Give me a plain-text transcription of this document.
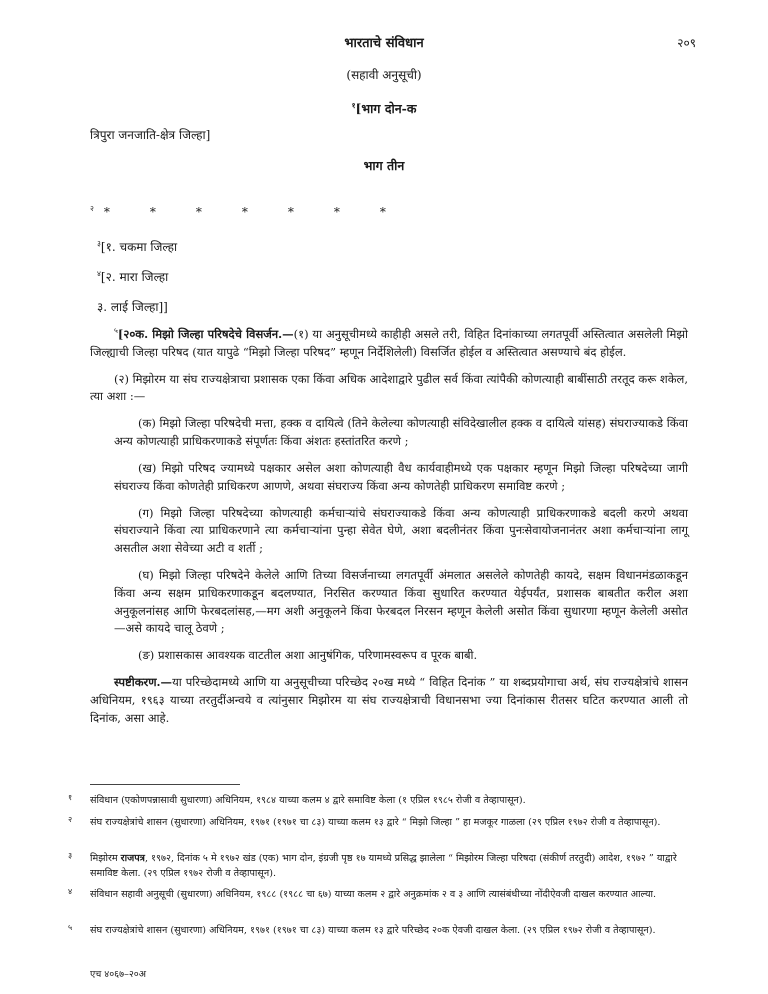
२०९
भारताचे संविधान
(सहावी अनुसूची)
$^१$[भाग दोन-क
त्रिपुरा जनजाति-क्षेत्र जिल्हा]
भाग तीन
$^२$ *	*	*	*	*	*	*
$^३$[१. चकमा जिल्हा
$^४$[२. मारा जिल्हा
३. लाई जिल्हा]]

$^५$[२०क. मिझो जिल्हा परिषदेचे विसर्जन.—(१) या अनुसूचीमध्ये काहीही असले तरी, विहित दिनांकाच्या लगतपूर्वी अस्तित्वात असलेली मिझो जिल्ह्याची जिल्हा परिषद (यात यापुढे “मिझो जिल्हा परिषद” म्हणून निर्देशिलेली) विसर्जित होईल व अस्तित्वात असण्याचे बंद होईल.

(२) मिझोरम या संघ राज्यक्षेत्राचा प्रशासक एका किंवा अधिक आदेशाद्वारे पुढील सर्व किंवा त्यांपैकी कोणत्याही बाबींसाठी तरतूद करू शकेल, त्या अशा :—

(क) मिझो जिल्हा परिषदेची मत्ता, हक्क व दायित्वे (तिने केलेल्या कोणत्याही संविदेखालील हक्क व दायित्वे यांसह) संघराज्याकडे किंवा अन्य कोणत्याही प्राधिकरणाकडे संपूर्णतः किंवा अंशतः हस्तांतरित करणे ;

(ख) मिझो परिषद ज्यामध्ये पक्षकार असेल अशा कोणत्याही वैध कार्यवाहीमध्ये एक पक्षकार म्हणून मिझो जिल्हा परिषदेच्या जागी संघराज्य किंवा कोणतेही प्राधिकरण आणणे, अथवा संघराज्य किंवा अन्य कोणतेही प्राधिकरण समाविष्ट करणे ;

(ग) मिझो जिल्हा परिषदेच्या कोणत्याही कर्मचाऱ्यांचे संघराज्याकडे किंवा अन्य कोणत्याही प्राधिकरणाकडे बदली करणे अथवा संघराज्याने किंवा त्या प्राधिकरणाने त्या कर्मचाऱ्यांना पुन्हा सेवेत घेणे, अशा बदलीनंतर किंवा पुनःसेवायोजनानंतर अशा कर्मचाऱ्यांना लागू असतील अशा सेवेच्या अटी व शर्ती ;

(घ) मिझो जिल्हा परिषदेने केलेले आणि तिच्या विसर्जनाच्या लगतपूर्वी अंमलात असलेले कोणतेही कायदे, सक्षम विधानमंडळाकडून किंवा अन्य सक्षम प्राधिकरणाकडून बदलण्यात, निरसित करण्यात किंवा सुधारित करण्यात येईपर्यंत, प्रशासक बाबतीत करील अशा अनुकूलनांसह आणि फेरबदलांसह,—मग अशी अनुकूलने किंवा फेरबदल निरसन म्हणून केलेली असोत किंवा सुधारणा म्हणून केलेली असोत—असे कायदे चालू ठेवणे ;

(ङ) प्रशासकास आवश्यक वाटतील अशा आनुषंगिक, परिणामस्वरूप व पूरक बाबी.

स्पष्टीकरण.—या परिच्छेदामध्ये आणि या अनुसूचीच्या परिच्छेद २०ख मध्ये “ विहित दिनांक ” या शब्दप्रयोगाचा अर्थ, संघ राज्यक्षेत्रांचे शासन अधिनियम, १९६३ याच्या तरतुदींअन्वये व त्यांनुसार मिझोरम या संघ राज्यक्षेत्राची विधानसभा ज्या दिनांकास रीतसर घटित करण्यात आली तो दिनांक, असा आहे.

१ संविधान (एकोणपन्नासावी सुधारणा) अधिनियम, १९८४ याच्या कलम ४ द्वारे समाविष्ट केला (१ एप्रिल १९८५ रोजी व तेव्हापासून).
२ संघ राज्यक्षेत्रांचे शासन (सुधारणा) अधिनियम, १९७१ (१९७१ चा ८३) याच्या कलम १३ द्वारे “ मिझो जिल्हा ” हा मजकूर गाळला (२९ एप्रिल १९७२ रोजी व तेव्हापासून).
३ मिझोरम राजपत्र, १९७२, दिनांक ५ मे १९७२ खंड (एक) भाग दोन, इंग्रजी पृष्ठ १७ यामध्ये प्रसिद्ध झालेला “ मिझोरम जिल्हा परिषदा (संकीर्ण तरतुदी) आदेश, १९७२ ” याद्वारे समाविष्ट केला. (२९ एप्रिल १९७२ रोजी व तेव्हापासून).
४ संविधान सहावी अनुसूची (सुधारणा) अधिनियम, १९८८ (१९८८ चा ६७) याच्या कलम २ द्वारे अनुक्रमांक २ व ३ आणि त्यासंबंधीच्या नोंदीऐवजी दाखल करण्यात आल्या.
५ संघ राज्यक्षेत्रांचे शासन (सुधारणा) अधिनियम, १९७१ (१९७१ चा ८३) याच्या कलम १३ द्वारे परिच्छेद २०क ऐवजी दाखल केला. (२९ एप्रिल १९७२ रोजी व तेव्हापासून).
एच ४०६७–२०अ
